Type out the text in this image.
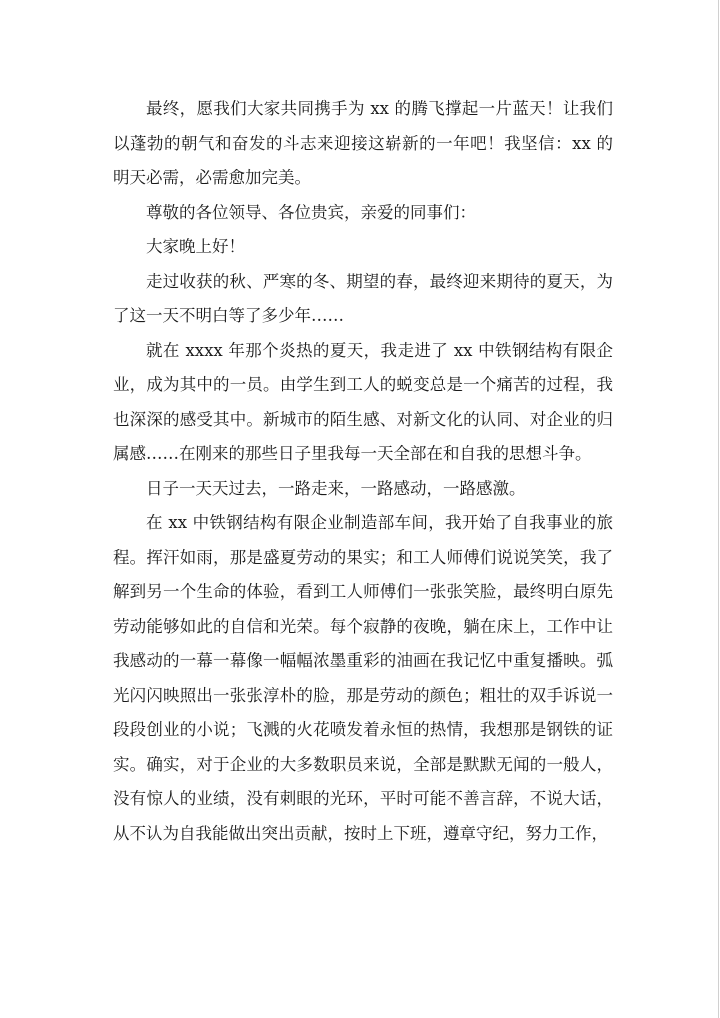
最终，愿我们大家共同携手为 xx 的腾飞撑起一片蓝天！让我们以蓬勃的朝气和奋发的斗志来迎接这崭新的一年吧！我坚信：xx 的明天必需，必需愈加完美。

尊敬的各位领导、各位贵宾，亲爱的同事们：

大家晚上好！

走过收获的秋、严寒的冬、期望的春，最终迎来期待的夏天，为了这一天不明白等了多少年……

就在 xxxx 年那个炎热的夏天，我走进了 xx 中铁钢结构有限企业，成为其中的一员。由学生到工人的蜕变总是一个痛苦的过程，我也深深的感受其中。新城市的陌生感、对新文化的认同、对企业的归属感……在刚来的那些日子里我每一天全部在和自我的思想斗争。

日子一天天过去，一路走来，一路感动，一路感激。

在 xx 中铁钢结构有限企业制造部车间，我开始了自我事业的旅程。挥汗如雨，那是盛夏劳动的果实；和工人师傅们说说笑笑，我了解到另一个生命的体验，看到工人师傅们一张张笑脸，最终明白原先劳动能够如此的自信和光荣。每个寂静的夜晚，躺在床上，工作中让我感动的一幕一幕像一幅幅浓墨重彩的油画在我记忆中重复播映。弧光闪闪映照出一张张淳朴的脸，那是劳动的颜色；粗壮的双手诉说一段段创业的小说；飞溅的火花喷发着永恒的热情，我想那是钢铁的证实。确实，对于企业的大多数职员来说，全部是默默无闻的一般人，没有惊人的业绩，没有刺眼的光环，平时可能不善言辞，不说大话，从不认为自我能做出突出贡献，按时上下班，遵章守纪，努力工作，
